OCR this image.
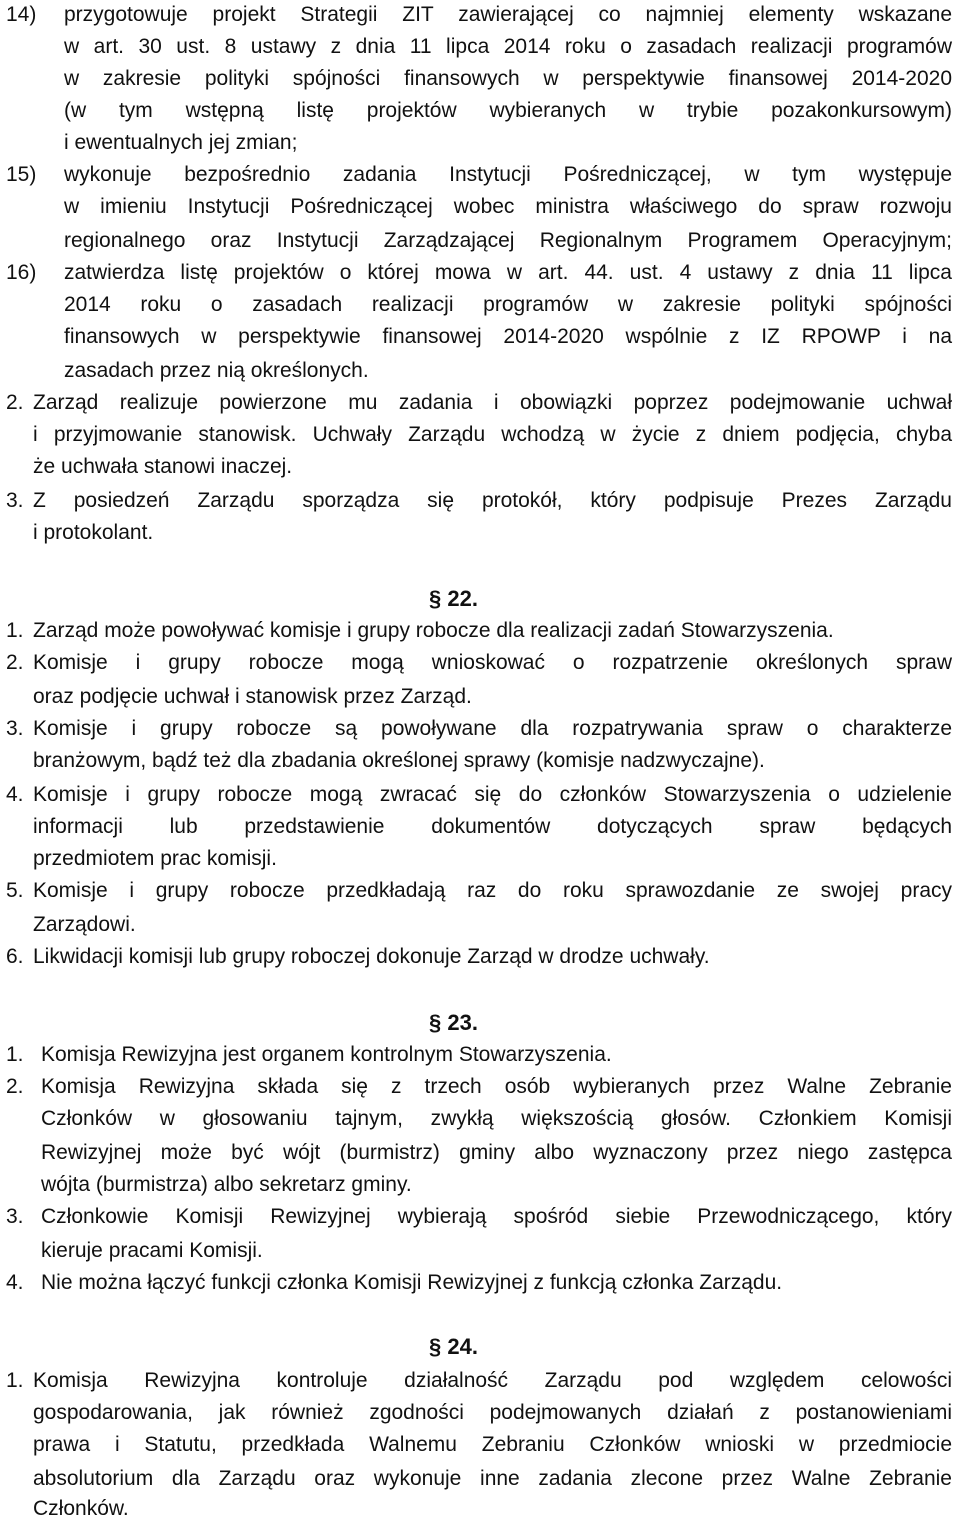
14) przygotowuje projekt Strategii ZIT zawierającej co najmniej elementy wskazane
w art. 30 ust. 8 ustawy z dnia 11 lipca 2014 roku o zasadach realizacji programów
w zakresie polityki spójności finansowych w perspektywie finansowej 2014-2020
(w tym wstępną listę projektów wybieranych w trybie pozakonkursowym)
i ewentualnych jej zmian;
15) wykonuje bezpośrednio zadania Instytucji Pośredniczącej, w tym występuje
w imieniu Instytucji Pośredniczącej wobec ministra właściwego do spraw rozwoju
regionalnego oraz Instytucji Zarządzającej Regionalnym Programem Operacyjnym;
16) zatwierdza listę projektów o której mowa w art. 44. ust. 4 ustawy z dnia 11 lipca
2014 roku o zasadach realizacji programów w zakresie polityki spójności
finansowych w perspektywie finansowej 2014-2020 wspólnie z IZ RPOWP i na
zasadach przez nią określonych.
2. Zarząd realizuje powierzone mu zadania i obowiązki poprzez podejmowanie uchwał
i przyjmowanie stanowisk. Uchwały Zarządu wchodzą w życie z dniem podjęcia, chyba
że uchwała stanowi inaczej.
3. Z posiedzeń Zarządu sporządza się protokół, który podpisuje Prezes Zarządu
i protokolant.
§ 22.
1. Zarząd może powoływać komisje i grupy robocze dla realizacji zadań Stowarzyszenia.
2. Komisje i grupy robocze mogą wnioskować o rozpatrzenie określonych spraw
oraz podjęcie uchwał i stanowisk przez Zarząd.
3. Komisje i grupy robocze są powoływane dla rozpatrywania spraw o charakterze
branżowym, bądź też dla zbadania określonej sprawy (komisje nadzwyczajne).
4. Komisje i grupy robocze mogą zwracać się do członków Stowarzyszenia o udzielenie
informacji lub przedstawienie dokumentów dotyczących spraw będących
przedmiotem prac komisji.
5. Komisje i grupy robocze przedkładają raz do roku sprawozdanie ze swojej pracy
Zarządowi.
6. Likwidacji komisji lub grupy roboczej dokonuje Zarząd w drodze uchwały.
§ 23.
1. Komisja Rewizyjna jest organem kontrolnym Stowarzyszenia.
2. Komisja Rewizyjna składa się z trzech osób wybieranych przez Walne Zebranie
Członków w głosowaniu tajnym, zwykłą większością głosów. Członkiem Komisji
Rewizyjnej może być wójt (burmistrz) gminy albo wyznaczony przez niego zastępca
wójta (burmistrza) albo sekretarz gminy.
3. Członkowie Komisji Rewizyjnej wybierają spośród siebie Przewodniczącego, który
kieruje pracami Komisji.
4. Nie można łączyć funkcji członka Komisji Rewizyjnej z funkcją członka Zarządu.
§ 24.
1. Komisja Rewizyjna kontroluje działalność Zarządu pod względem celowości
gospodarowania, jak również zgodności podejmowanych działań z postanowieniami
prawa i Statutu, przedkłada Walnemu Zebraniu Członków wnioski w przedmiocie
absolutorium dla Zarządu oraz wykonuje inne zadania zlecone przez Walne Zebranie
Członków.
